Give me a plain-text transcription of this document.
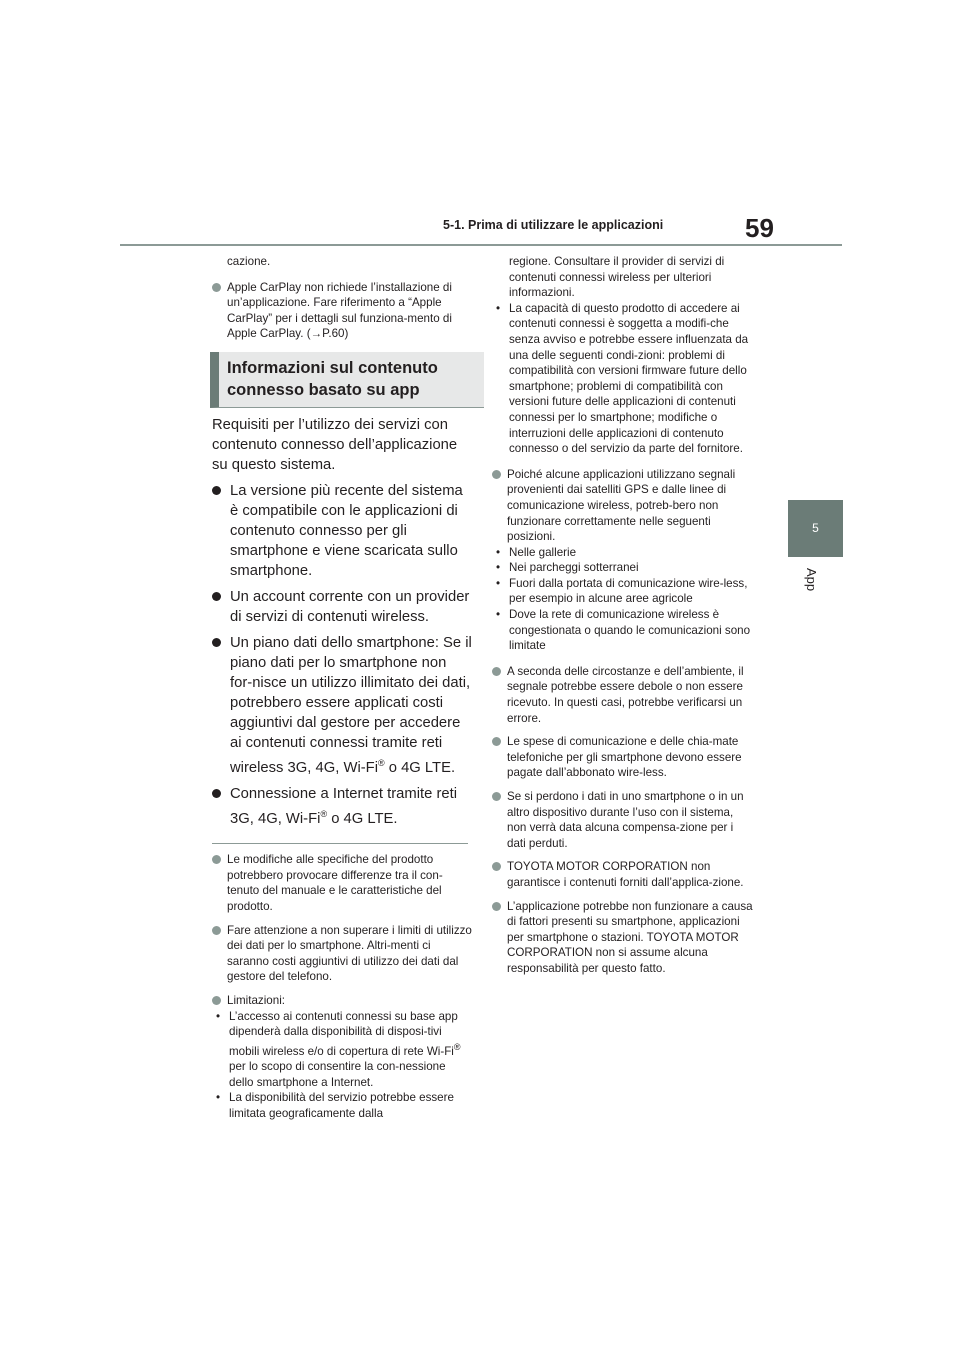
5-1. Prima di utilizzare le applicazioni	59
5
App

cazione.

Apple CarPlay non richiede l’installazione di un’applicazione. Fare riferimento a “Apple CarPlay” per i dettagli sul funziona-mento di Apple CarPlay. (→P.60)
Informazioni sul contenuto connesso basato su app

Requisiti per l’utilizzo dei servizi con contenuto connesso dell’applicazione su questo sistema.

La versione più recente del sistema è compatibile con le applicazioni di contenuto connesso per gli smartphone e viene scaricata sullo smartphone.
Un account corrente con un provider di servizi di contenuti wireless.
Un piano dati dello smartphone: Se il piano dati per lo smartphone non for-nisce un utilizzo illimitato dei dati, potrebbero essere applicati costi aggiuntivi dal gestore per accedere ai contenuti connessi tramite reti wireless 3G, 4G, Wi-Fi® o 4G LTE.
Connessione a Internet tramite reti 3G, 4G, Wi-Fi® o 4G LTE.
Le modifiche alle specifiche del prodotto potrebbero provocare differenze tra il con-tenuto del manuale e le caratteristiche del prodotto.
Fare attenzione a non superare i limiti di utilizzo dei dati per lo smartphone. Altri-menti ci saranno costi aggiuntivi di utilizzo dei dati dal gestore del telefono.
Limitazioni:
• L’accesso ai contenuti connessi su base app dipenderà dalla disponibilità di disposi-tivi mobili wireless e/o di copertura di rete Wi-Fi® per lo scopo di consentire la con-nessione dello smartphone a Internet.
• La disponibilità del servizio potrebbe essere limitata geograficamente dalla

regione. Consultare il provider di servizi di contenuti connessi wireless per ulteriori informazioni.

• La capacità di questo prodotto di accedere ai contenuti connessi è soggetta a modifi-che senza avviso e potrebbe essere influenzata da una delle seguenti condi-zioni: problemi di compatibilità con versioni firmware future dello smartphone; problemi di compatibilità con versioni future delle applicazioni di contenuti connessi per lo smartphone; modifiche o interruzioni delle applicazioni di contenuto connesso o del servizio da parte del fornitore.
Poiché alcune applicazioni utilizzano segnali provenienti dai satelliti GPS e dalle linee di comunicazione wireless, potreb-bero non funzionare correttamente nelle seguenti posizioni.
• Nelle gallerie
• Nei parcheggi sotterranei
• Fuori dalla portata di comunicazione wire-less, per esempio in alcune aree agricole
• Dove la rete di comunicazione wireless è congestionata o quando le comunicazioni sono limitate
A seconda delle circostanze e dell’ambiente, il segnale potrebbe essere debole o non essere ricevuto. In questi casi, potrebbe verificarsi un errore.
Le spese di comunicazione e delle chia-mate telefoniche per gli smartphone devono essere pagate dall’abbonato wire-less.
Se si perdono i dati in uno smartphone o in un altro dispositivo durante l’uso con il sistema, non verrà data alcuna compensa-zione per i dati perduti.
TOYOTA MOTOR CORPORATION non garantisce i contenuti forniti dall’applica-zione.
L’applicazione potrebbe non funzionare a causa di fattori presenti su smartphone, applicazioni per smartphone o stazioni. TOYOTA MOTOR CORPORATION non si assume alcuna responsabilità per questo fatto.
